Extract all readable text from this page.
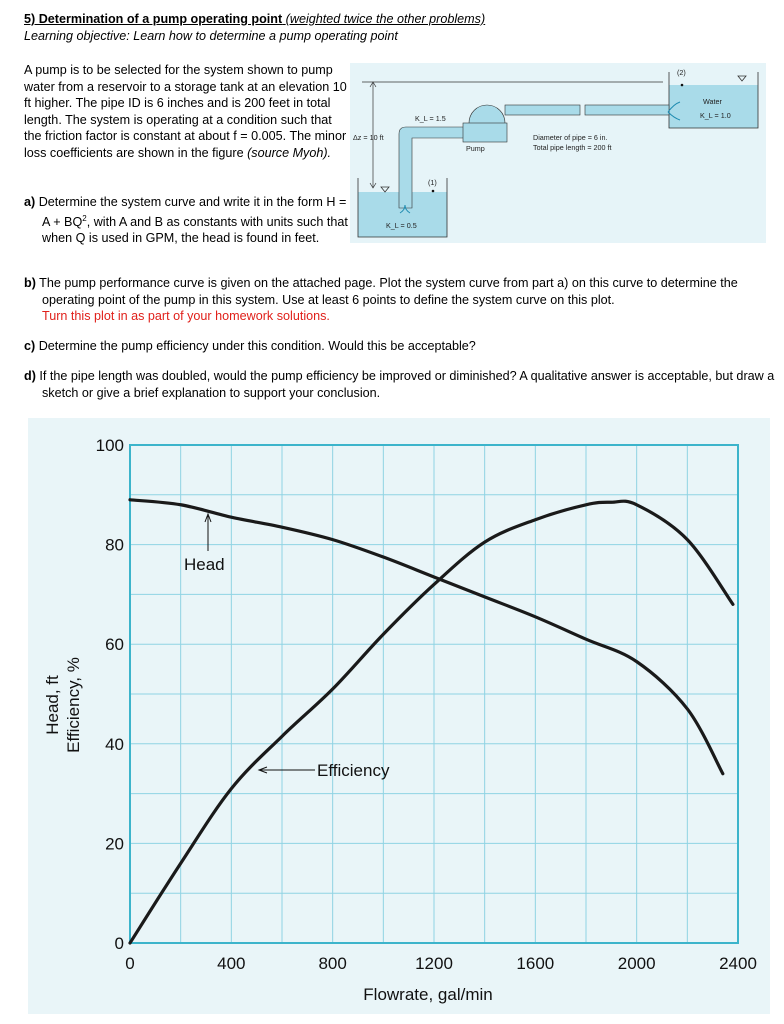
5) Determination of a pump operating point (weighted twice the other problems)
Learning objective: Learn how to determine a pump operating point
A pump is to be selected for the system shown to pump water from a reservoir to a storage tank at an elevation 10 ft higher. The pipe ID is 6 inches and is 200 feet in total length. The system is operating at a condition such that the friction factor is constant at about f = 0.005. The minor loss coefficients are shown in the figure (source Myoh).
a) Determine the system curve and write it in the form $H = A + BQ^2$, with A and B as constants with units such that when Q is used in GPM, the head is found in feet.
b) The pump performance curve is given on the attached page. Plot the system curve from part a) on this curve to determine the operating point of the pump in this system. Use at least 6 points to define the system curve on this plot.
Turn this plot in as part of your homework solutions.
c) Determine the pump efficiency under this condition. Would this be acceptable?
d) If the pipe length was doubled, would the pump efficiency be improved or diminished? A qualitative answer is acceptable, but draw a sketch or give a brief explanation to support your conclusion.
Δz = 10 ft
K_L = 1.5
Pump
Diameter of pipe = 6 in.
Total pipe length = 200 ft
(1)
K_L = 0.5
(2)
Water
K_L = 1.0
0	400	800	1200	1600	2000	2400
0
20
40
60
80
100
Head, ft Efficiency, %
Flowrate, gal/min
Head
Efficiency
